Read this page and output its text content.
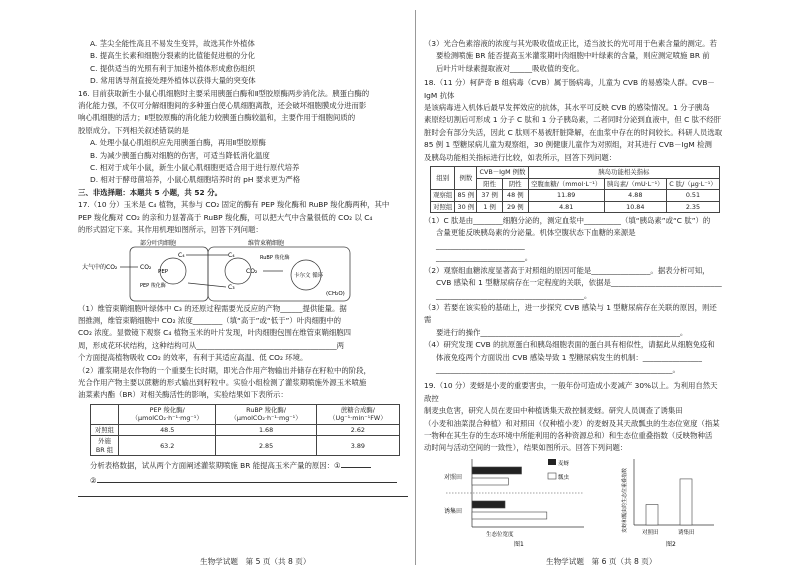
A. 茎尖全能性高且不易发生变异，故选其作外植体

B. 提高生长素和细胞分裂素的比值能促进根的分化

C. 提供适当的光照有利于加速外植体形成愈伤组织

D. 常用诱导剂直接处理外植体以获得大量的突变体

16. 目前获取新生小鼠心肌细胞时主要采用胰蛋白酶和Ⅱ型胶原酶两步消化法。胰蛋白酶的

消化能力强，不仅可分解细胞间的多种蛋白使心肌细胞离散，还会破坏细胞膜成分进而影

响心肌细胞的活力；Ⅱ型胶原酶的消化能力较胰蛋白酶较温和，主要作用于细胞间质的

胶原成分。下列相关叙述错误的是

A. 处理小鼠心肌组织应先用胰蛋白酶，再用Ⅱ型胶原酶

B. 为减少胰蛋白酶对细胞的伤害，可适当降低消化温度

C. 相对于成年小鼠，新生小鼠心肌细胞更适合用于进行原代培养

D. 相对于酵母菌培养，小鼠心肌细胞培养时的 pH 要求更为严格

三、非选择题：本题共 5 小题，共 52 分。

17.（10 分）玉米是 C₄ 植物，其参与 CO₂ 固定的酶有 PEP 羧化酶和 RuBP 羧化酶两种，其中

PEP 羧化酶对 CO₂ 的亲和力显著高于 RuBP 羧化酶，可以把大气中含量很低的 CO₂ 以 C₄

的形式固定下来。其作用机理如图所示，回答下列问题：

部分叶肉细胞	维管束鞘细胞
大气中的CO₂	CO₂
PEP
C₄	C₄
C₃
CO₂
RuBP 羧化酶
卡尔文 循环
(CH₂O)
PEP 羧化酶

（1）维管束鞘细胞叶绿体中 C₃ 的还原过程需要光反应的产物______提供能量。据

图推测，维管束鞘细胞中 CO₂ 浓度________（填“高于”或“低于”）叶肉细胞中的

CO₂ 浓度。显微镜下观察 C₄ 植物玉米的叶片发现，叶肉细胞包围在维管束鞘细胞四

周，形成花环状结构，这种结构可从______________________________________两

个方面提高植物吸收 CO₂ 的效率，有利于其适应高温、低 CO₂ 环境。

（2）灌浆期是农作物的一个重要生长时期，即光合作用产物输出并储存在籽粒中的阶段，

光合作用产物主要以蔗糖的形式输出到籽粒中。实验小组检测了灌浆期喷施外源玉米喷施

油菜素内酯（BR）对相关酶活性的影响，实验结果如下表所示：

	PEP 羧化酶/（μmolCO₂·h⁻¹·mg⁻¹）	RuBP 羧化酶/（μmolCO₂·h⁻¹·mg⁻¹）	蔗糖合成酶/（Ug⁻¹·min⁻¹FW）
对照组	48.5	1.68	2.62
外施 BR 组	63.2	2.85	3.89

分析表格数据，试从两个方面阐述灌浆期喷施 BR 能提高玉米产量的原因：①

②

生物学试题　第 5 页（共 8 页）

（3）光合色素溶液的浓度与其光吸收值成正比，适当波长的光可用于色素含量的测定。若

要检测喷施 BR 能否提高玉米灌浆期叶肉细胞中叶绿素的含量，则应测定喷施 BR 前

后叶片叶绿素提取液对______吸收值的变化。

18.（11 分）柯萨奇 B 组病毒（CVB）属于肠病毒，儿童为 CVB 的易感染人群。CVB－IgM 抗体

是该病毒进入机体后最早发挥效应的抗体，其水平可反映 CVB 的感染情况。1 分子胰岛

素原经切割后可形成 1 分子 C 肽和 1 分子胰岛素，二者同时分泌到血液中，但 C 肽不经肝

脏时会有部分失活，因此 C 肽则不易被肝脏降解，在血浆中存在的时间较长。科研人员选取

85 例 1 型糖尿病儿童为观察组，30 例健康儿童作为对照组，对其进行 CVB－IgM 检测

及胰岛功能相关指标进行比较，如表所示，回答下列问题：

组别	例数	CVB－IgM 例数		胰岛功能相关指标		
		阳性	阴性	空腹血糖/（mmol·L⁻¹）	胰岛素/（mU·L⁻¹）	C 肽/（μg·L⁻¹）
观察组	85 例	37 例	48 例	11.89	4.88	0.51
对照组	30 例	1 例	29 例	4.81	10.84	2.35

（1）C 肽是由________细胞分泌的，测定血浆中__________（填“胰岛素”或“C 肽”）的

含量更能反映胰岛素的分泌量。机体空腹状态下血糖的来源是________________________

________________________。

（2）观察组血糖浓度显著高于对照组的原因可能是________________。据表分析可知，

CVB 感染和 1 型糖尿病存在一定程度的关联，依据是______________________________

________________________________________。

（3）若要在该实验的基础上，进一步探究 CVB 感染与 1 型糖尿病存在关联的原因，则还需

要进行的操作______________________________________________________。

（4）研究发现 CVB 的抗原蛋白和胰岛细胞表面的蛋白具有相似性，请据此从细胞免疫和

体液免疫两个方面说出 CVB 感染导致 1 型糖尿病发生的机制：________________

________________________________________________________________。

19.（10 分）麦蚜是小麦的重要害虫，一般年份可造成小麦减产 30%以上。为利用自然天敌控

制麦虫危害，研究人员在麦田中种植诱集天敌控制麦蚜。研究人员调查了诱集田

（小麦和油菜混合种植）和对照田（仅种植小麦）的麦蚜及其天敌瓢虫的生态位宽度（指某

一物种在其生存的生态环境中所能利用的各种资源总和）和生态位重叠指数（反映物种活

动时间与活动空间的一致性），结果如图所示。回答下列问题：

对照田
诱集田
生态位宽度
图1
麦蚜
瓢虫	麦蚜和瓢虫的生态位重叠指数	对照田	诱集田
图2
生物学试题　第 6 页（共 8 页）
